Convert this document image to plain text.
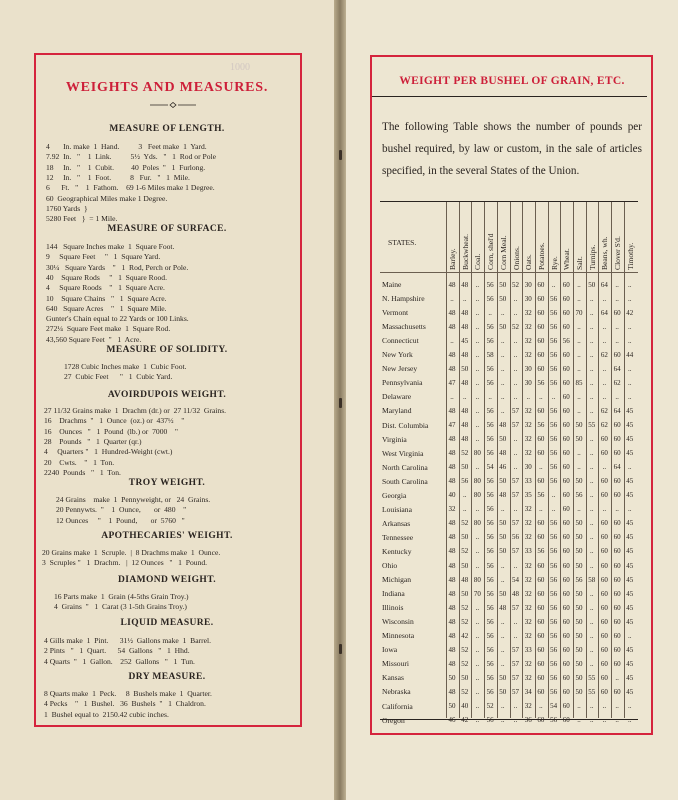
1000
WEIGHTS AND MEASURES.
MEASURE OF LENGTH.
4       In. make  1  Hand.          3   Feet make  1  Yard.
7.92  In.   "    1  Link.          5½  Yds.   "   1  Rod or Pole
18     In.   "    1  Cubit.         40  Poles  "   1  Furlong.
12     In.   "    1  Foot.          8   Fur.   "   1  Mile.
6      Ft.   "    1  Fathom.    69 1-6 Miles make 1 Degree.
60  Geographical Miles make 1 Degree.
1760 Yards  }
5280 Feet   }  = 1 Mile.
MEASURE OF SURFACE.
144   Square Inches make  1  Square Foot.
9     Square Feet     "   1  Square Yard.
30¼   Square Yards    "   1  Rod, Perch or Pole.
40    Square Rods     "   1  Square Rood.
4     Square Roods    "   1  Square Acre.
10    Square Chains   "   1  Square Acre.
640   Square Acres    "   1  Square Mile.
Gunter's Chain equal to 22 Yards or 100 Links.
272¼  Square Feet make  1  Square Rod.
43,560 Square Feet  "   1  Acre.
MEASURE OF SOLIDITY.
1728 Cubic Inches make  1  Cubic Foot.
27  Cubic Feet      "   1  Cubic Yard.
AVOIRDUPOIS WEIGHT.
27 11/32 Grains make  1  Drachm (dr.) or  27 11/32  Grains.
16    Drachms  "   1  Ounce  (oz.) or  437½    "
16    Ounces   "   1  Pound  (lb.) or  7000    "
28    Pounds   "   1  Quarter (qr.)
4     Quarters "   1  Hundred-Weight (cwt.)
20    Cwts.    "   1  Ton.
2240  Pounds   "   1  Ton.
TROY WEIGHT.
24 Grains    make  1  Pennyweight, or   24  Grains.
20 Pennywts.  "    1  Ounce,       or  480    "
12 Ounces     "    1  Pound,       or  5760   "
APOTHECARIES' WEIGHT.
20 Grains make  1  Scruple.  |  8 Drachms make  1  Ounce.
3  Scruples "   1  Drachm.   |  12 Ounces   "   1  Pound.
DIAMOND WEIGHT.
16 Parts make  1  Grain (4-5ths Grain Troy.)
4  Grains  "   1  Carat (3 1-5th Grains Troy.)
LIQUID MEASURE.
4 Gills make  1  Pint.      31½  Gallons make  1  Barrel.
2 Pints   "   1  Quart.      54  Gallons   "   1  Hhd.
4 Quarts  "   1  Gallon.    252  Gallons   "   1  Tun.
DRY MEASURE.
8 Quarts make  1  Peck.     8  Bushels make  1  Quarter.
4 Pecks    "   1  Bushel.   36  Bushels  "   1  Chaldron.
1  Bushel equal to  2150.42 cubic inches.
WEIGHT PER BUSHEL OF GRAIN, ETC.
The following Table shows the number of pounds per bushel required, by law or custom, in the sale of articles specified, in the several States of the Union.
STATES.
Barley. Buckwheat. Coal. Corn, shel'd Corn Meal. Onions. Oats. Potatoes. Rye. Wheat. Salt. Turnips. Beans, wh. Clover S'd. Timothy.
Maine	48 48	..	56 50 52 30 60	..	60	..	50 64	..	..
N. Hampshire	..	..	..	56 50	..	30 60 56 60	..	..	..	..	..
Vermont	48 48	..	..	..	..	32 60 56 60 70	..	64 60 42
Massachusetts	48 48	..	56 50 52 32 60 56 60	..	..	..	..	..
Connecticut	..	45	..	56	..	..	32 60 56 56	..	..	..	..	..
New York	48 48	..	58	..	..	32 60 56 60	..	..	62 60 44
New Jersey	48 50	..	56	..	..	30 60 56 60	..	..	..	64	..
Pennsylvania	47 48	..	56	..	..	30 56 56 60 85	..	..	62	..
Delaware	..	..	..	..	..	..	..	..	..	60	..	..	..	..	..
Maryland	48 48	..	56	..	57 32 60 56 60	..	..	62 64 45
Dist. Columbia	47 48	..	56 48 57 32 56 56 60 50 55 62 60 45
Virginia	48 48	..	56 50	..	32 60 56 60 50	..	60 60 45
West Virginia	48 52 80 56 48	..	32 60 56 60	..	..	60 60 45
North Carolina	48 50	..	54 46	..	30	..	56 60	..	..	..	64	..
South Carolina	48 56 80 56 50 57 33 60 56 60 50	..	60 60 45
Georgia	40	..	80 56 48 57 35 56	..	60 56	..	60 60 45
Louisiana	32	..	..	56	..	..	32	..	..	60	..	..	..	..	..
Arkansas	48 52 80 56 50 57 32 60 56 60 50	..	60 60 45
Tennessee	48 50	..	56 50 56 32 60 56 60 50	..	60 60 45
Kentucky	48 52	..	56 50 57 33 56 56 60 50	..	60 60 45
Ohio	48 50	..	56	..	..	32 60 56 60 50	..	60 60 45
Michigan	48 48 80 56	..	54 32 60 56 60 56 58 60 60 45
Indiana	48 50 70 56 50 48 32 60 56 60 50	..	60 60 45
Illinois	48 52	..	56 48 57 32 60 56 60 50	..	60 60 45
Wisconsin	48 52	..	56	..	..	32 60 56 60 50	..	60 60 45
Minnesota	48 42	..	56	..	..	32 60 56 60 50	..	60 60	..
Iowa	48 52	..	56	..	57 33 60 56 60 50	..	60 60 45
Missouri	48 52	..	56	..	57 32 60 56 60 50	..	60 60 45
Kansas	50 50	..	56 50 57 32 60 56 60 50 55 60	..	45
Nebraska	48 52	..	56 50 57 34 60 56 60 50 55 60 60 45
California	50 40	..	52	..	..	32	..	54 60	..	..	..	..	..
Oregon	46 42	..	56	..	..	36 60 56 60	..	..	..	..	..
